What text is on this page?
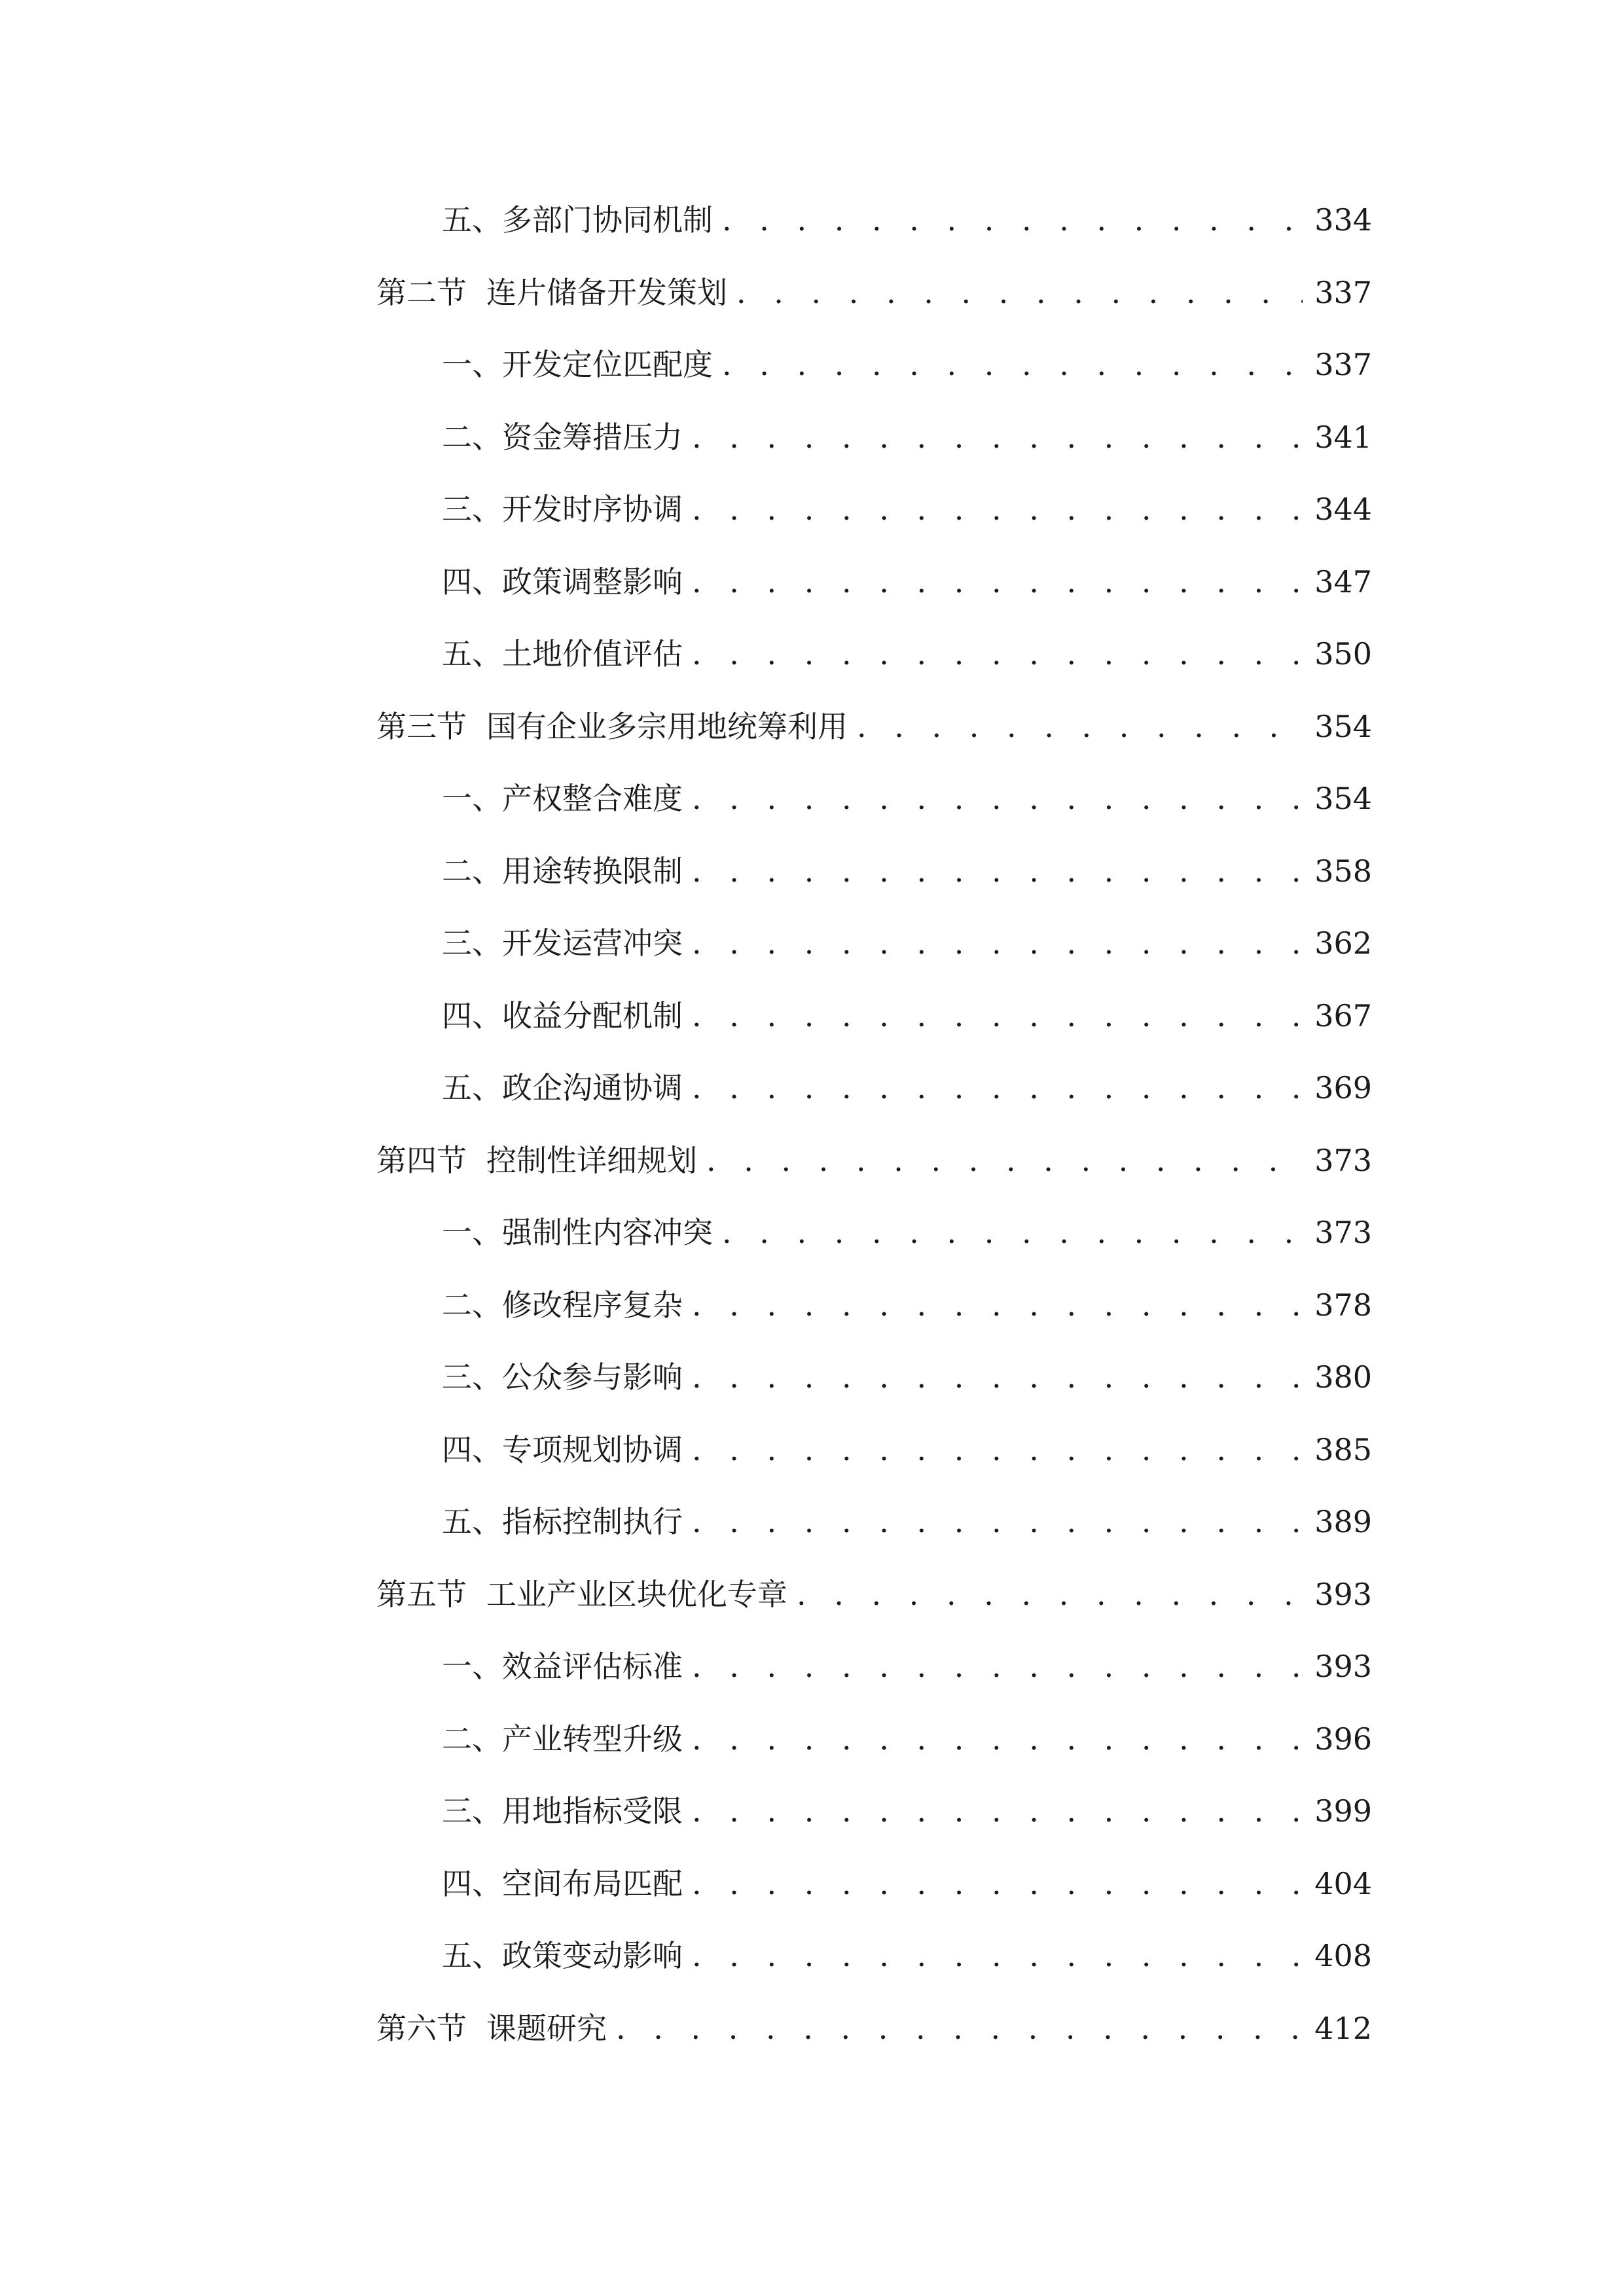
五、 多部门协同机制 . . .	334
第二节 连片储备开发策划 . . .	337
一、 开发定位匹配度 . . .	337
二、 资金筹措压力 . . .	341
三、 开发时序协调 . . .	344
四、 政策调整影响 . . .	347
五、 土地价值评估 . . .	350
第三节 国有企业多宗用地统筹利用 . . .	354
一、 产权整合难度 . . .	354
二、 用途转换限制 . . .	358
三、 开发运营冲突 . . .	362
四、 收益分配机制 . . .	367
五、 政企沟通协调 . . .	369
第四节 控制性详细规划 . . .	373
一、 强制性内容冲突 . . .	373
二、 修改程序复杂 . . .	378
三、 公众参与影响 . . .	380
四、 专项规划协调 . . .	385
五、 指标控制执行 . . .	389
第五节 工业产业区块优化专章 . . .	393
一、 效益评估标准 . . .	393
二、 产业转型升级 . . .	396
三、 用地指标受限 . . .	399
四、 空间布局匹配 . . .	404
五、 政策变动影响 . . .	408
第六节 课题研究 . . .	412
